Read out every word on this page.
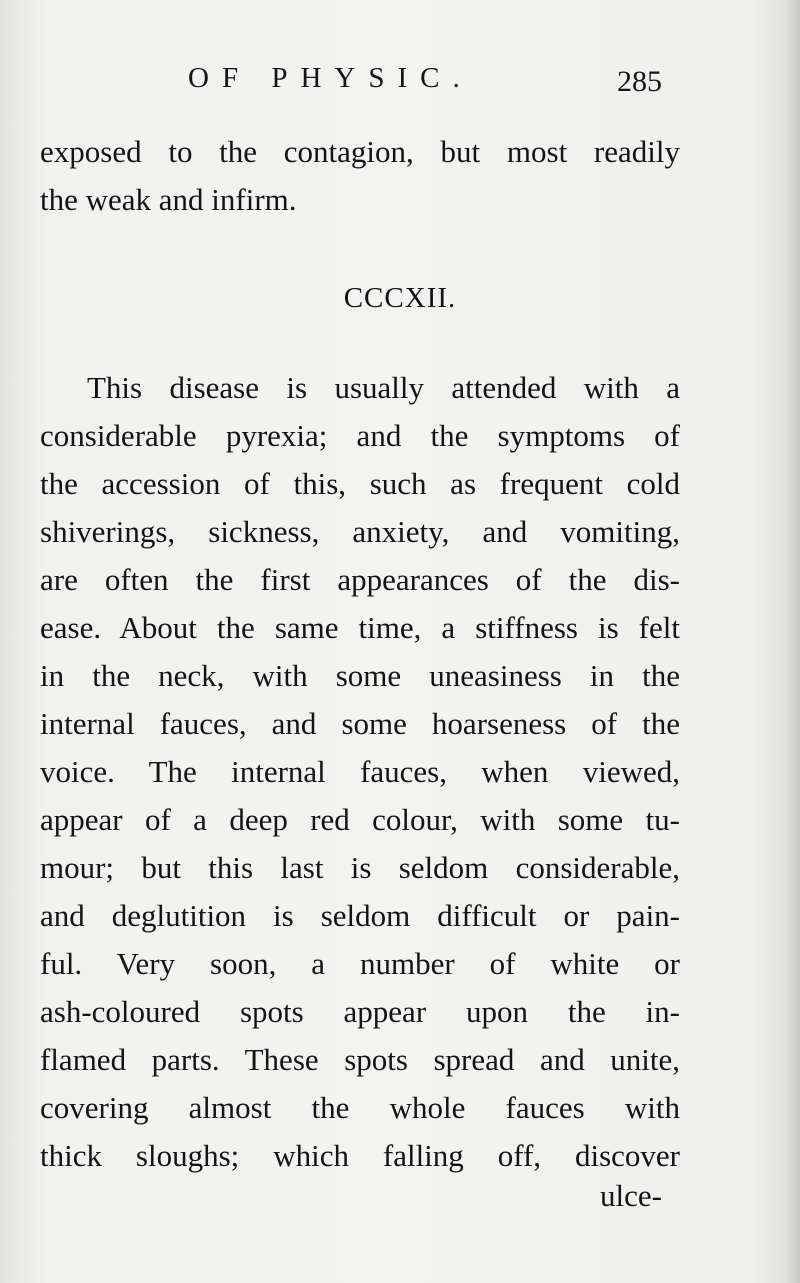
OF PHYSIC.	285
exposed to the contagion, but most readily
the weak and infirm.
CCCXII.
This disease is usually attended with a
considerable pyrexia; and the symptoms of
the accession of this, such as frequent cold
shiverings, sickness, anxiety, and vomiting,
are often the first appearances of the dis-
ease. About the same time, a stiffness is felt
in the neck, with some uneasiness in the
internal fauces, and some hoarseness of the
voice. The internal fauces, when viewed,
appear of a deep red colour, with some tu-
mour; but this last is seldom considerable,
and deglutition is seldom difficult or pain-
ful. Very soon, a number of white or
ash-coloured spots appear upon the in-
flamed parts. These spots spread and unite,
covering almost the whole fauces with
thick sloughs; which falling off, discover
ulce-
